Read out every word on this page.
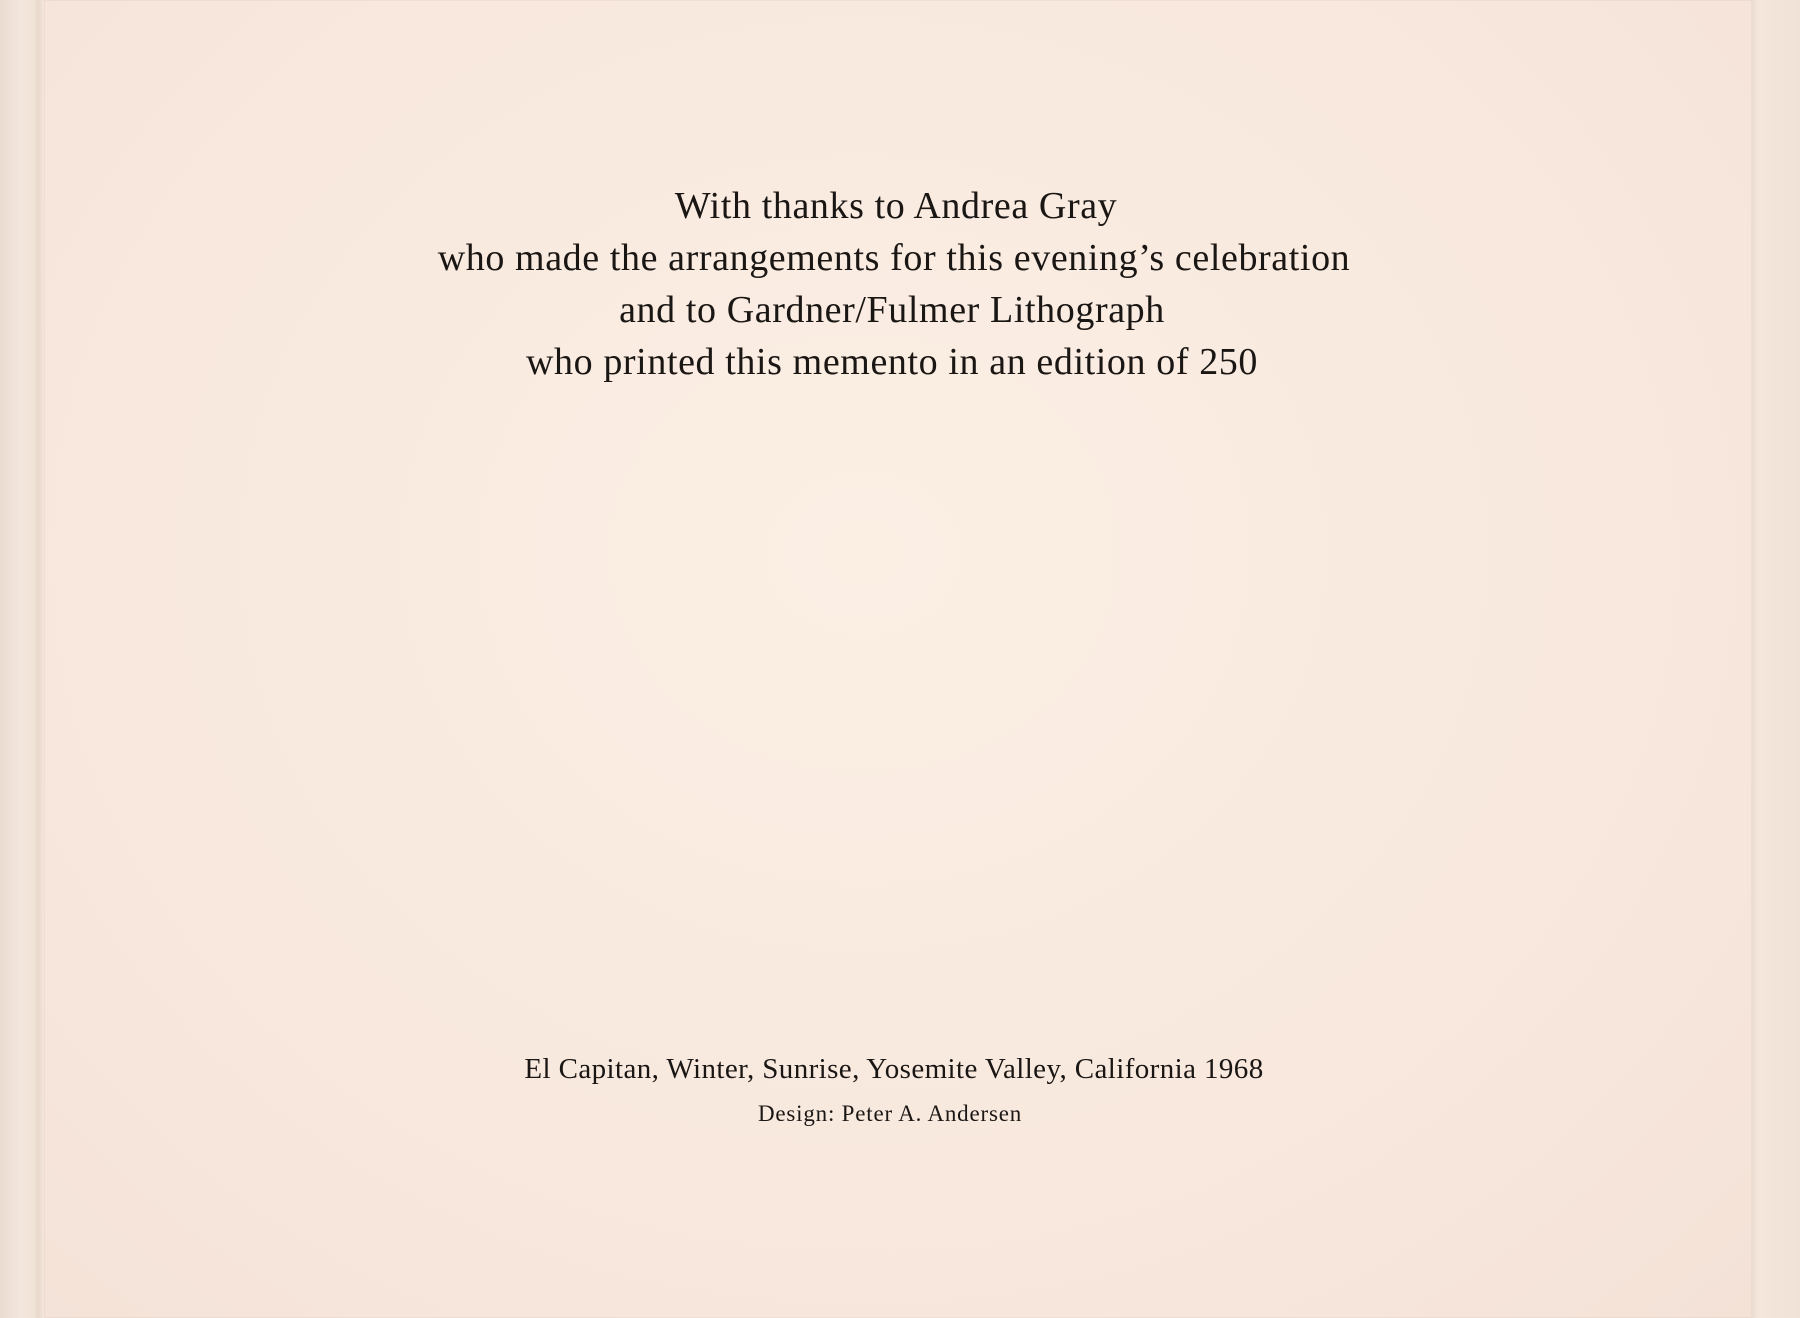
With thanks to Andrea Gray
who made the arrangements for this evening’s celebration
and to Gardner/Fulmer Lithograph
who printed this memento in an edition of 250
El Capitan, Winter, Sunrise, Yosemite Valley, California 1968
Design: Peter A. Andersen
